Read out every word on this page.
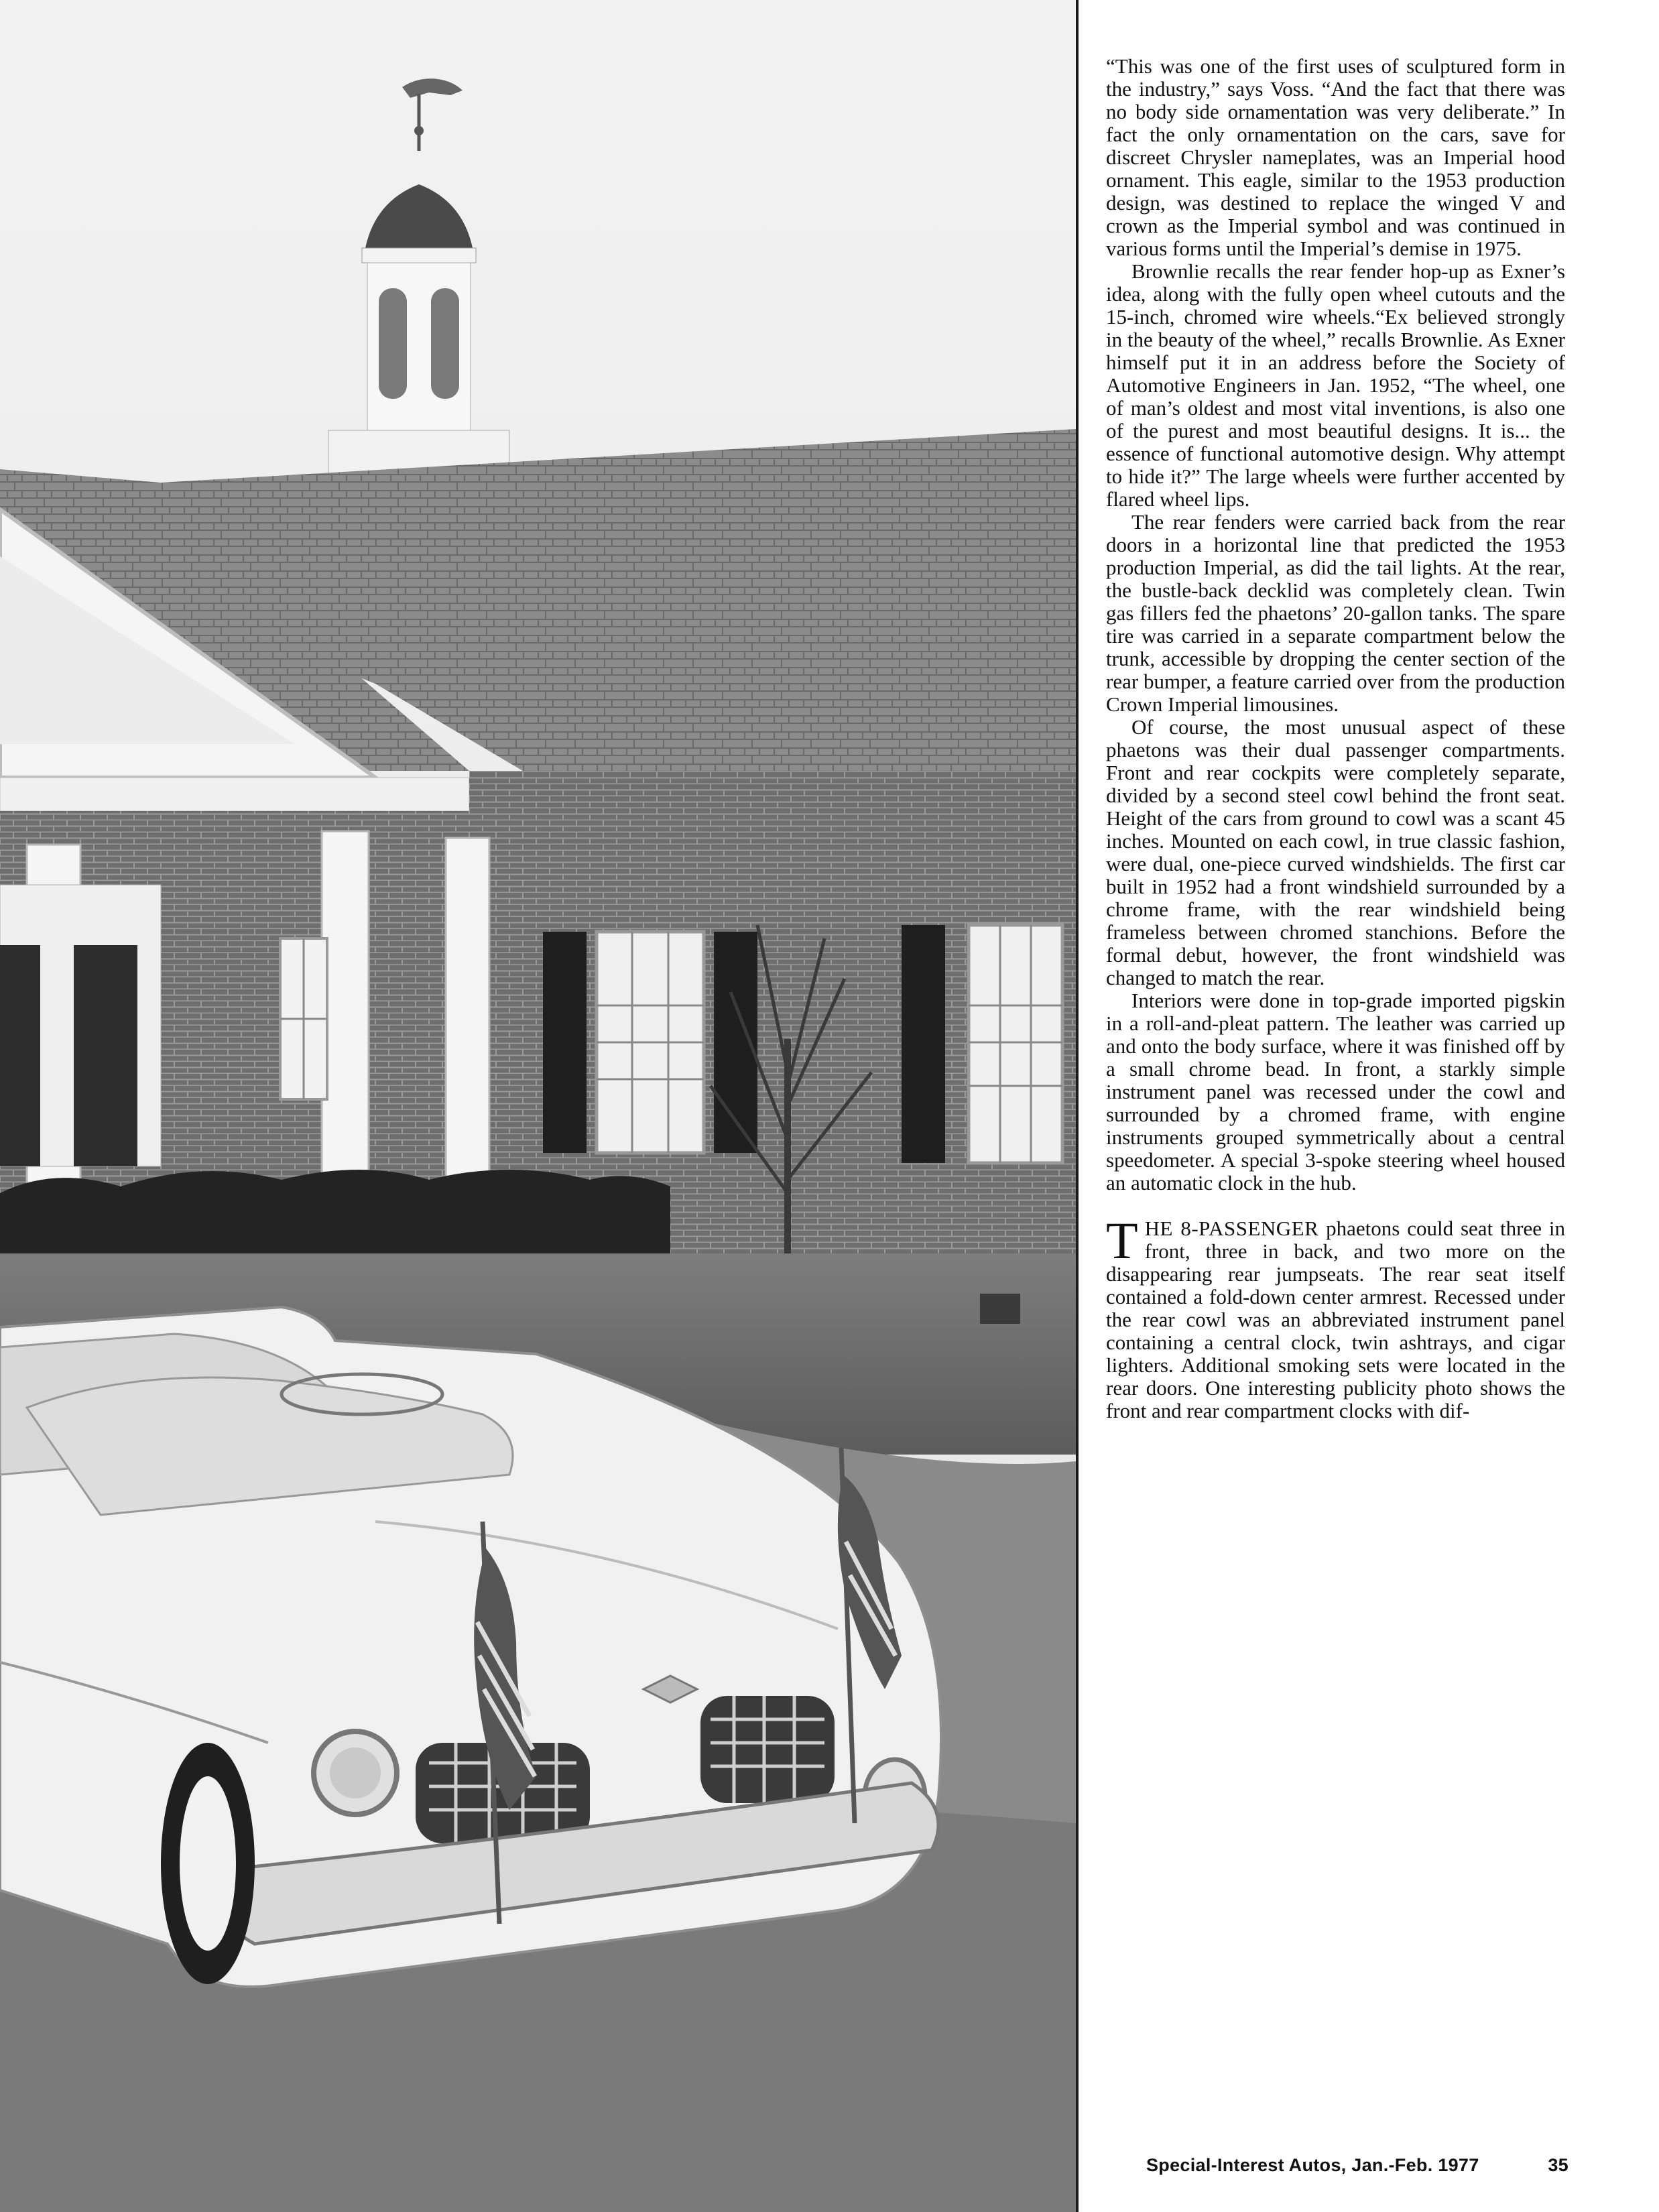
“This was one of the first uses of sculptured form in the industry,” says Voss. “And the fact that there was no body side ornamentation was very deliberate.” In fact the only ornamentation on the cars, save for discreet Chrysler nameplates, was an Imperial hood ornament. This eagle, similar to the 1953 production design, was destined to replace the winged V and crown as the Imperial symbol and was continued in various forms until the Imperial’s demise in 1975.

Brownlie recalls the rear fender hop-up as Exner’s idea, along with the fully open wheel cutouts and the 15-inch, chromed wire wheels.“Ex believed strongly in the beauty of the wheel,” recalls Brownlie. As Exner himself put it in an address before the Society of Automotive Engineers in Jan. 1952, “The wheel, one of man’s oldest and most vital inventions, is also one of the purest and most beautiful designs. It is... the essence of functional automotive design. Why attempt to hide it?” The large wheels were further accented by flared wheel lips.

The rear fenders were carried back from the rear doors in a horizontal line that predicted the 1953 production Imperial, as did the tail lights. At the rear, the bustle-back decklid was completely clean. Twin gas fillers fed the phaetons’ 20-gallon tanks. The spare tire was carried in a separate compartment below the trunk, accessible by dropping the center section of the rear bumper, a feature carried over from the production Crown Imperial limousines.

Of course, the most unusual aspect of these phaetons was their dual passenger compartments. Front and rear cockpits were completely separate, divided by a second steel cowl behind the front seat. Height of the cars from ground to cowl was a scant 45 inches. Mounted on each cowl, in true classic fashion, were dual, one-piece curved windshields. The first car built in 1952 had a front windshield surrounded by a chrome frame, with the rear windshield being frameless between chromed stanchions. Before the formal debut, however, the front windshield was changed to match the rear.

Interiors were done in top-grade imported pigskin in a roll-and-pleat pattern. The leather was carried up and onto the body surface, where it was finished off by a small chrome bead. In front, a starkly simple instrument panel was recessed under the cowl and surrounded by a chromed frame, with engine instruments grouped symmetrically about a central speedometer. A special 3-spoke steering wheel housed an automatic clock in the hub.

THE 8-PASSENGER phaetons could seat three in front, three in back, and two more on the disappearing rear jumpseats. The rear seat itself contained a fold-down center armrest. Recessed under the rear cowl was an abbreviated instrument panel containing a central clock, twin ashtrays, and cigar lighters. Additional smoking sets were located in the rear doors. One interesting publicity photo shows the front and rear compartment clocks with dif-

Special-Interest Autos, Jan.-Feb. 1977	35
